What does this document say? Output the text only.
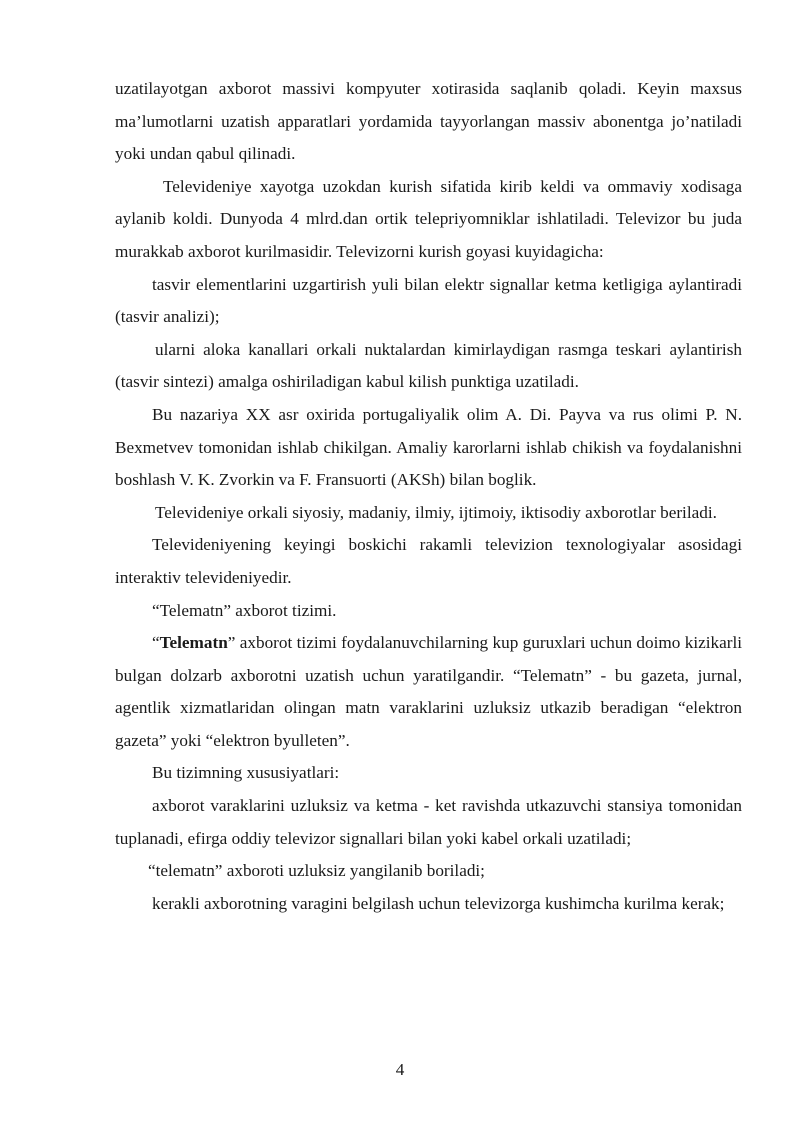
uzatilayotgan axborot massivi kompyuter xotirasida saqlanib qoladi. Keyin maxsus ma’lumotlarni uzatish apparatlari yordamida tayyorlangan massiv abonentga jo’natiladi yoki undan qabul qilinadi.

Televideniye xayotga uzokdan kurish sifatida kirib keldi va ommaviy xodisaga aylanib koldi. Dunyoda 4 mlrd.dan ortik telepriyomniklar ishlatiladi. Televizor bu juda murakkab axborot kurilmasidir. Televizorni kurish goyasi kuyidagicha:

tasvir elementlarini uzgartirish yuli bilan elektr signallar ketma ketligiga aylantiradi (tasvir analizi);

ularni aloka kanallari orkali nuktalardan kimirlaydigan rasmga teskari aylantirish (tasvir sintezi) amalga oshiriladigan kabul kilish punktiga uzatiladi.

Bu nazariya XX asr oxirida portugaliyalik olim A. Di. Payva va rus olimi P. N. Bexmetvev tomonidan ishlab chikilgan. Amaliy karorlarni ishlab chikish va foydalanishni boshlash V. K. Zvorkin va F. Fransuorti (AKSh) bilan boglik.

Televideniye orkali siyosiy, madaniy, ilmiy, ijtimoiy, iktisodiy axborotlar beriladi.

Televideniyening keyingi boskichi rakamli televizion texnologiyalar asosidagi interaktiv televideniyedir.

“Telematn” axborot tizimi.

“Telematn” axborot tizimi foydalanuvchilarning kup guruxlari uchun doimo kizikarli bulgan dolzarb axborotni uzatish uchun yaratilgandir. “Telematn” - bu gazeta, jurnal, agentlik xizmatlaridan olingan matn varaklarini uzluksiz utkazib beradigan “elektron gazeta” yoki “elektron byulleten”.

Bu tizimning xususiyatlari:

axborot varaklarini uzluksiz va ketma - ket ravishda utkazuvchi stansiya tomonidan tuplanadi, efirga oddiy televizor signallari bilan yoki kabel orkali uzatiladi;

“telematn” axboroti uzluksiz yangilanib boriladi;

kerakli axborotning varagini belgilash uchun televizorga kushimcha kurilma kerak;

4
